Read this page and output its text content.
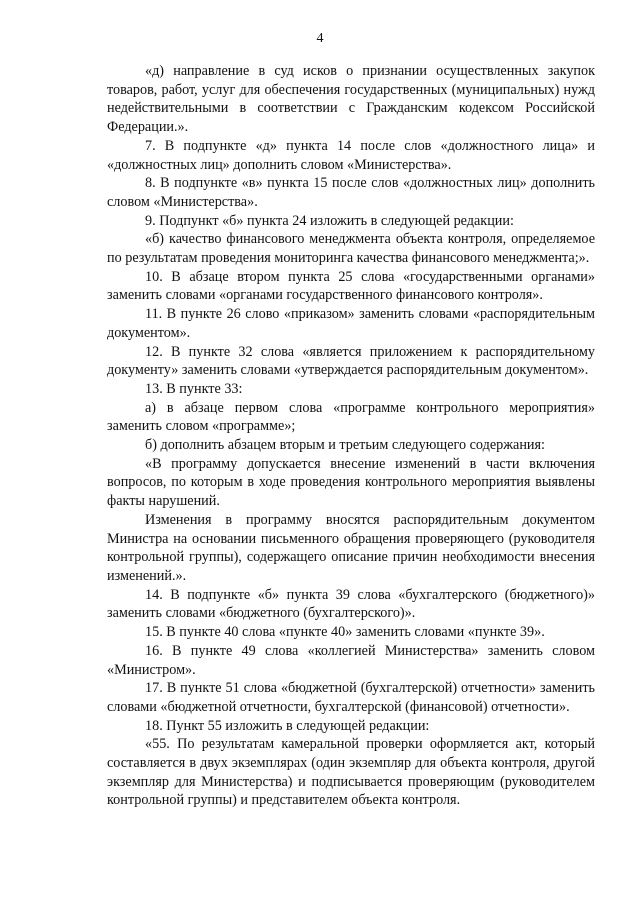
4

«д) направление в суд исков о признании осуществленных закупок товаров, работ, услуг для обеспечения государственных (муниципальных) нужд недействительными в соответствии с Гражданским кодексом Российской Федерации.».

7. В подпункте «д» пункта 14 после слов «должностного лица» и «должностных лиц» дополнить словом «Министерства».

8. В подпункте «в» пункта 15 после слов «должностных лиц» дополнить словом «Министерства».

9. Подпункт «б» пункта 24 изложить в следующей редакции:

«б) качество финансового менеджмента объекта контроля, определяемое по результатам проведения мониторинга качества финансового менеджмента;».

10. В абзаце втором пункта 25 слова «государственными органами» заменить словами «органами государственного финансового контроля».

11. В пункте 26 слово «приказом» заменить словами «распорядительным документом».

12. В пункте 32 слова «является приложением к распорядительному документу» заменить словами «утверждается распорядительным документом».

13. В пункте 33:

а) в абзаце первом слова «программе контрольного мероприятия» заменить словом «программе»;

б) дополнить абзацем вторым и третьим следующего содержания:

«В программу допускается внесение изменений в части включения вопросов, по которым в ходе проведения контрольного мероприятия выявлены факты нарушений.

Изменения в программу вносятся распорядительным документом Министра на основании письменного обращения проверяющего (руководителя контрольной группы), содержащего описание причин необходимости внесения изменений.».

14. В подпункте «б» пункта 39 слова «бухгалтерского (бюджетного)» заменить словами «бюджетного (бухгалтерского)».

15. В пункте 40 слова «пункте 40» заменить словами «пункте 39».

16. В пункте 49 слова «коллегией Министерства» заменить словом «Министром».

17. В пункте 51 слова «бюджетной (бухгалтерской) отчетности» заменить словами «бюджетной отчетности, бухгалтерской (финансовой) отчетности».

18. Пункт 55 изложить в следующей редакции:

«55. По результатам камеральной проверки оформляется акт, который составляется в двух экземплярах (один экземпляр для объекта контроля, другой экземпляр для Министерства) и подписывается проверяющим (руководителем контрольной группы) и представителем объекта контроля.
